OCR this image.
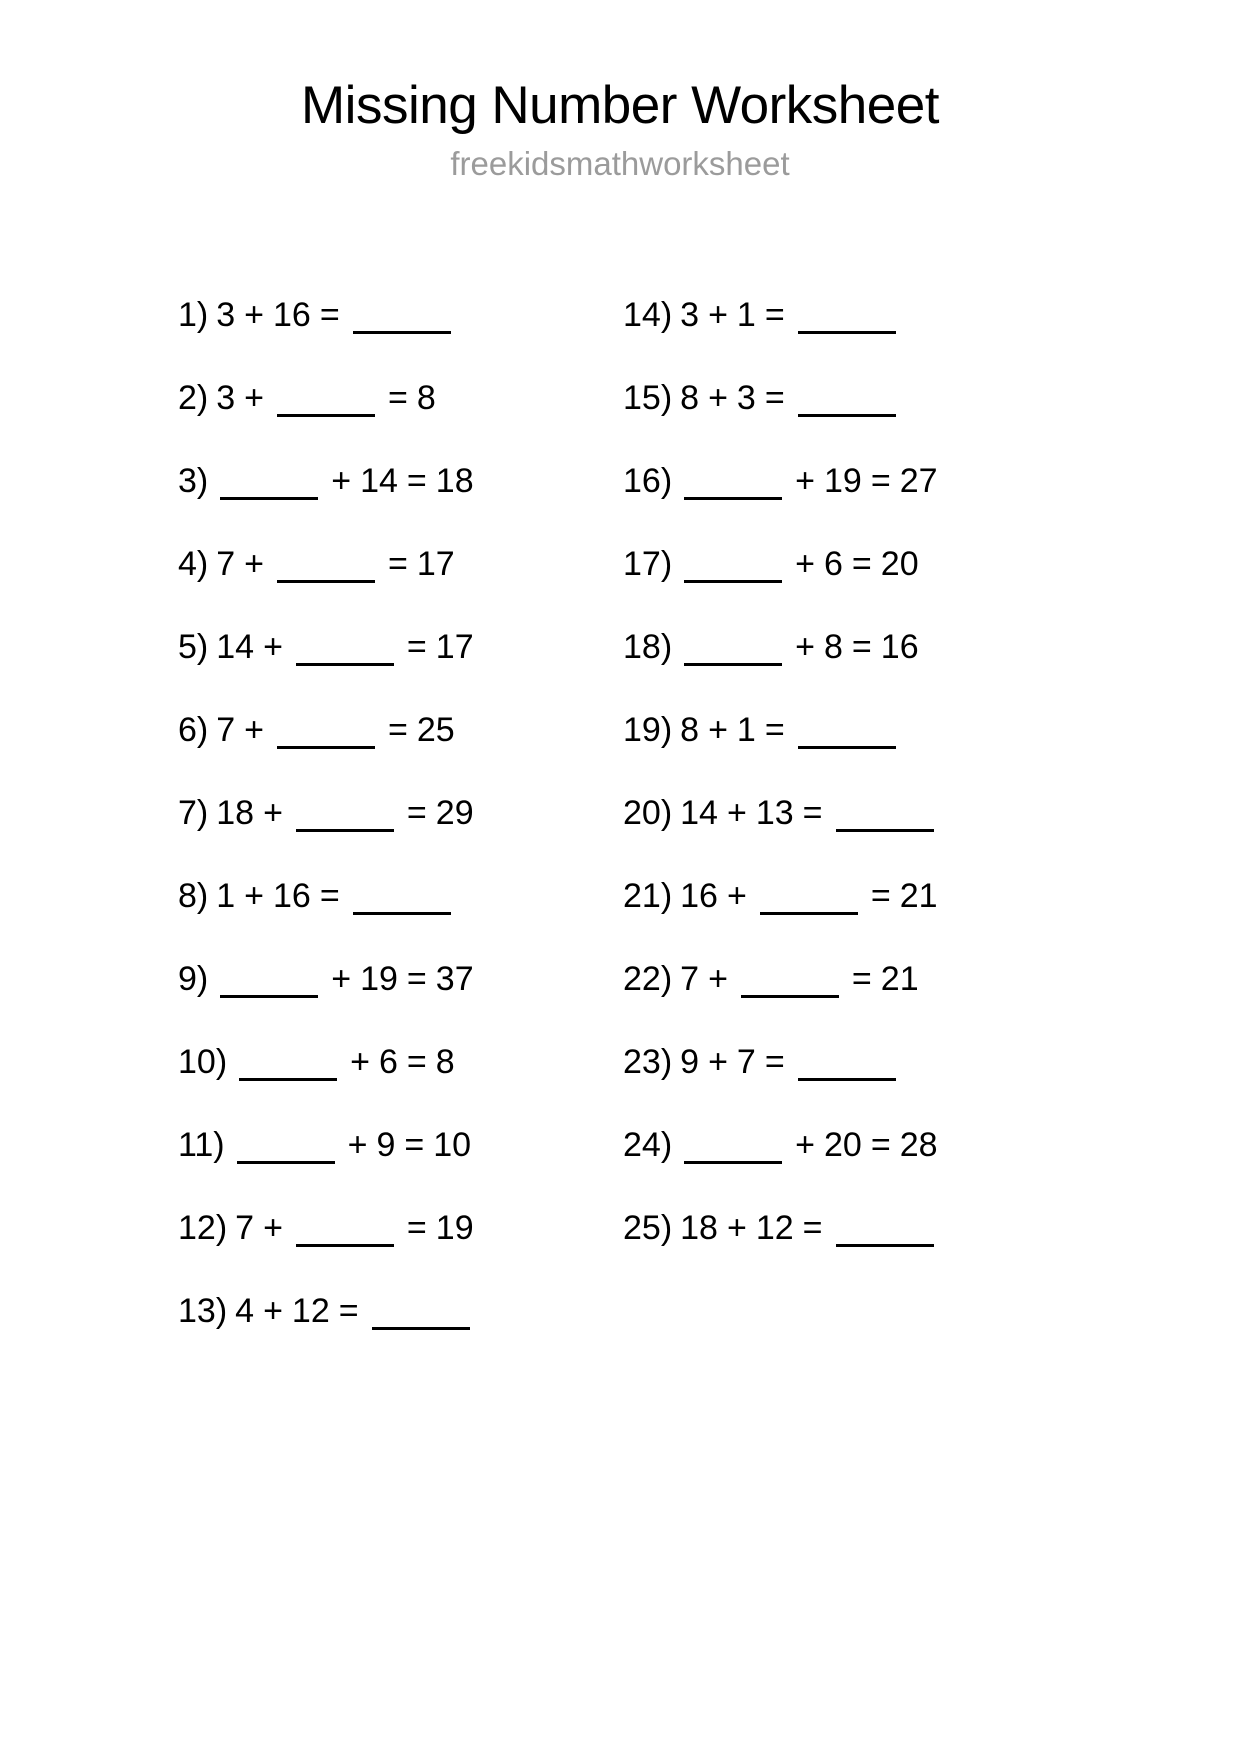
Missing Number Worksheet

freekidsmathworksheet

1) 3 + 16 =
2) 3 +	= 8
3)	+ 14 = 18
4) 7 +	= 17
5) 14 +	= 17
6) 7 +	= 25
7) 18 +	= 29
8) 1 + 16 =
9)	+ 19 = 37
10)	+ 6 = 8
11)	+ 9 = 10
12) 7 +	= 19
13) 4 + 12 =
14) 3 + 1 =
15) 8 + 3 =
16)	+ 19 = 27
17)	+ 6 = 20
18)	+ 8 = 16
19) 8 + 1 =
20) 14 + 13 =
21) 16 +	= 21
22) 7 +	= 21
23) 9 + 7 =
24)	+ 20 = 28
25) 18 + 12 =
